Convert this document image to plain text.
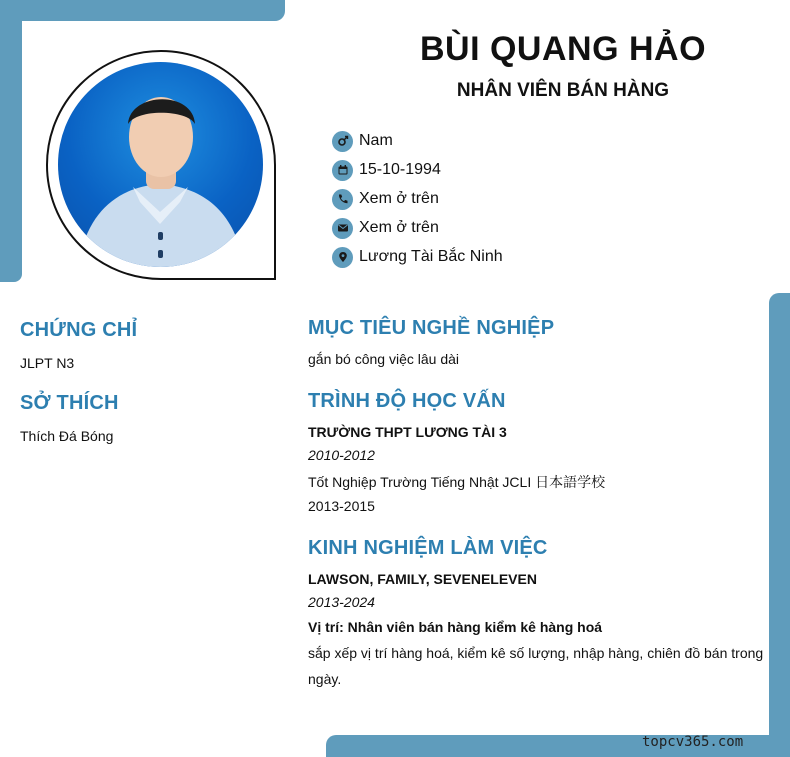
BÙI QUANG HẢO
NHÂN VIÊN BÁN HÀNG
Nam
15-10-1994
Xem ở trên
Xem ở trên
Lương Tài Bắc Ninh
CHỨNG CHỈ
JLPT N3
SỞ THÍCH
Thích Đá Bóng
MỤC TIÊU NGHỀ NGHIỆP
gắn bó công việc lâu dài
TRÌNH ĐỘ HỌC VẤN
TRƯỜNG THPT LƯƠNG TÀI 3
2010-2012
Tốt Nghiệp Trường Tiếng Nhật JCLI 日本語学校
2013-2015
KINH NGHIỆM LÀM VIỆC
LAWSON, FAMILY, SEVENELEVEN
2013-2024
Vị trí: Nhân viên bán hàng kiểm kê hàng hoá
sắp xếp vị trí hàng hoá, kiểm kê số lượng, nhập hàng, chiên đồ bán trong
ngày.
topcv365.com
